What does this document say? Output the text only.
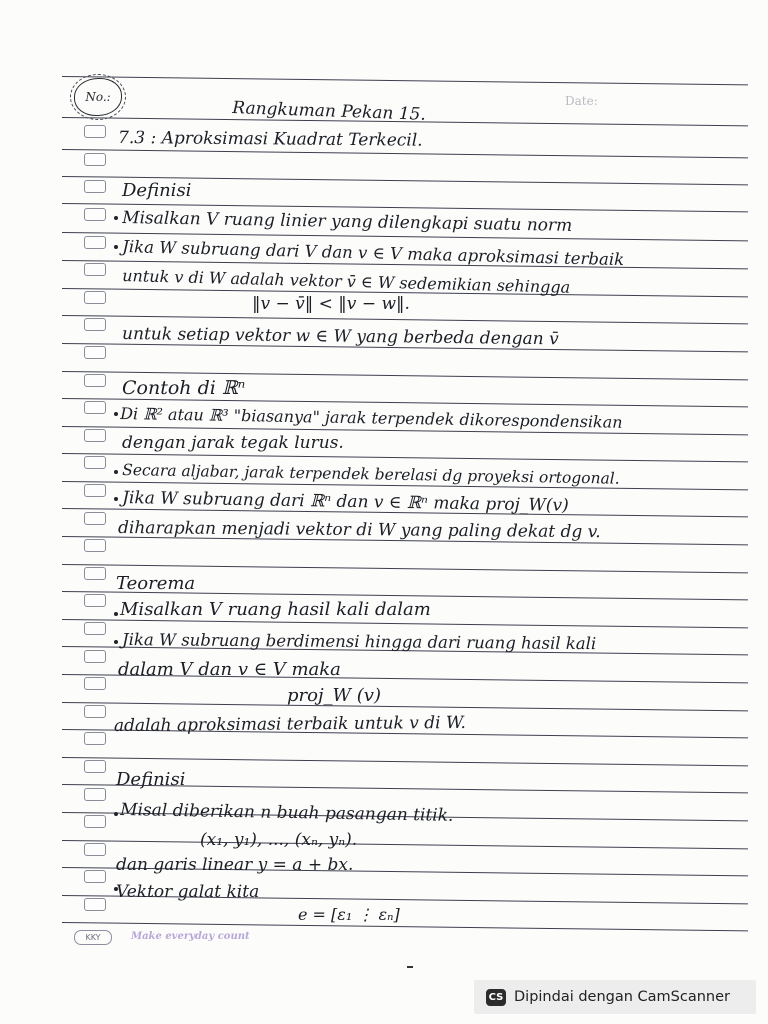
No.:	Date:
Rangkuman Pekan 15.
7.3 : Aproksimasi Kuadrat Terkecil.
Definisi
Misalkan V ruang linier yang dilengkapi suatu norm
Jika W subruang dari V dan v ∈ V maka aproksimasi terbaik
untuk v di W adalah vektor v̄ ∈ W sedemikian sehingga
‖v − v̄‖ < ‖v − w‖.
untuk setiap vektor w ∈ W yang berbeda dengan v̄
Contoh di ℝⁿ
Di ℝ² atau ℝ³ "biasanya" jarak terpendek dikorespondensikan
dengan jarak tegak lurus.
Secara aljabar, jarak terpendek berelasi dg proyeksi ortogonal.
Jika W subruang dari ℝⁿ dan v ∈ ℝⁿ maka proj_W(v)
diharapkan menjadi vektor di W yang paling dekat dg v.
Teorema
Misalkan V ruang hasil kali dalam
Jika W subruang berdimensi hingga dari ruang hasil kali
dalam V dan v ∈ V maka
proj_W (v)
adalah aproksimasi terbaik untuk v di W.
Definisi
Misal diberikan n buah pasangan titik.
(x₁, y₁), ..., (xₙ, yₙ).
dan garis linear y = a + bx.
Vektor galat kita
e = [ε₁ ⋮ εₙ]
KKY	Make everyday count
CS Dipindai dengan CamScanner
